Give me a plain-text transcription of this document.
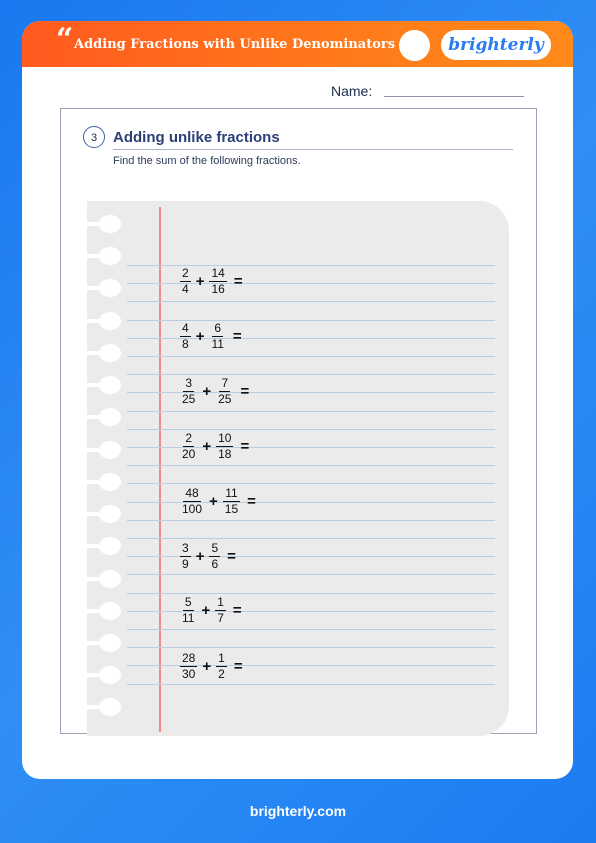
“ Adding Fractions with Unlike Denominators	brighterly
Name:
3	Adding unlike fractions
Find the sum of the following fractions.
$\frac{2}{4} + \frac{14}{16}$ =
$\frac{4}{8} + \frac{6}{11}$ =
$\frac{3}{25} + \frac{7}{25}$ =
$\frac{2}{20} + \frac{10}{18}$ =
$\frac{48}{100} + \frac{11}{15}$ =
$\frac{3}{9} + \frac{5}{6}$ =
$\frac{5}{11} + \frac{1}{7}$ =
$\frac{28}{30} + \frac{1}{2}$ =
brighterly.com
